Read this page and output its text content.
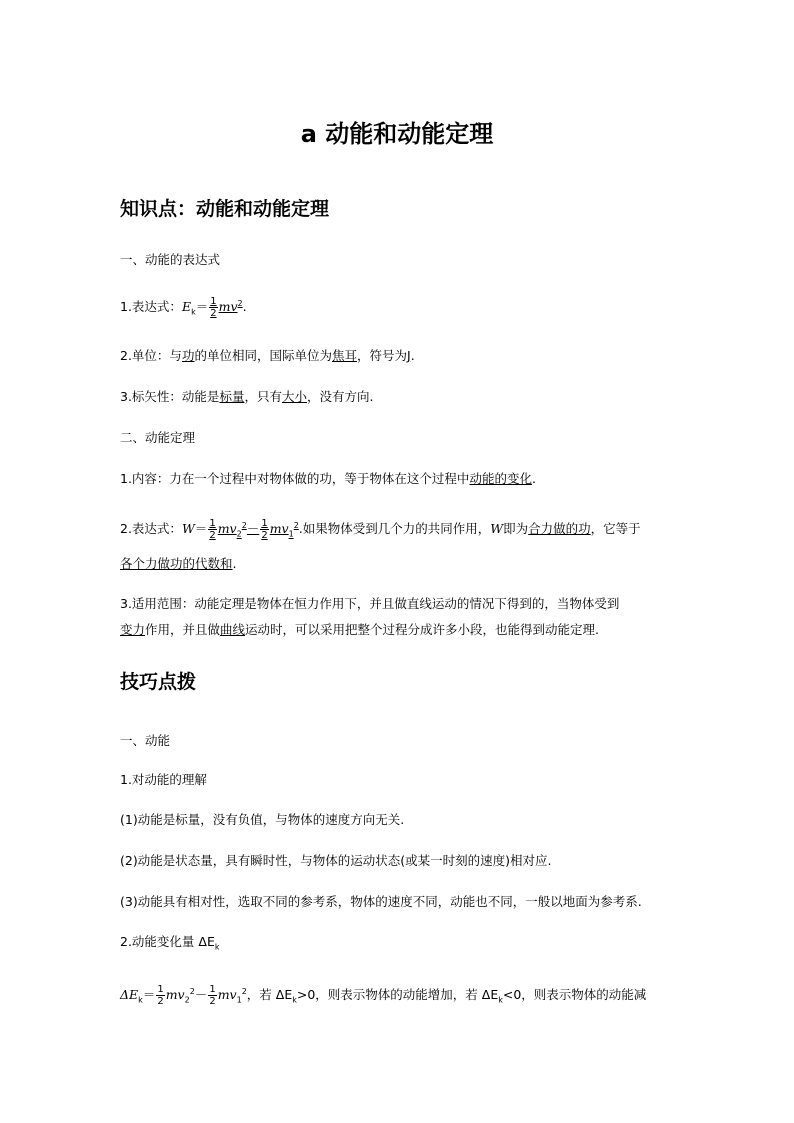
a 动能和动能定理
知识点：动能和动能定理
一、动能的表达式
1.表达式：$E_k= \frac{1}{2} mv^2$.
2.单位：与功的单位相同，国际单位为焦耳，符号为J.
3.标矢性：动能是标量，只有大小，没有方向.
二、动能定理
1.内容：力在一个过程中对物体做的功，等于物体在这个过程中动能的变化.
2.表达式：$W= \frac{1}{2} mv_2^2- \frac{1}{2} mv_1^2$.如果物体受到几个力的共同作用，W即为合力做的功，它等于
各个力做功的代数和.
3.适用范围：动能定理是物体在恒力作用下，并且做直线运动的情况下得到的，当物体受到
变力作用，并且做曲线运动时，可以采用把整个过程分成许多小段，也能得到动能定理.
技巧点拨
一、动能
1.对动能的理解
(1)动能是标量，没有负值，与物体的速度方向无关.
(2)动能是状态量，具有瞬时性，与物体的运动状态(或某一时刻的速度)相对应.
(3)动能具有相对性，选取不同的参考系，物体的速度不同，动能也不同，一般以地面为参考系.
2.动能变化量 $\Delta E_k$
$\Delta E_k= \frac{1}{2} mv_2^2- \frac{1}{2} mv_1^2$，若 $\Delta E_k>0$，则表示物体的动能增加，若 $\Delta E_k<0$，则表示物体的动能减
